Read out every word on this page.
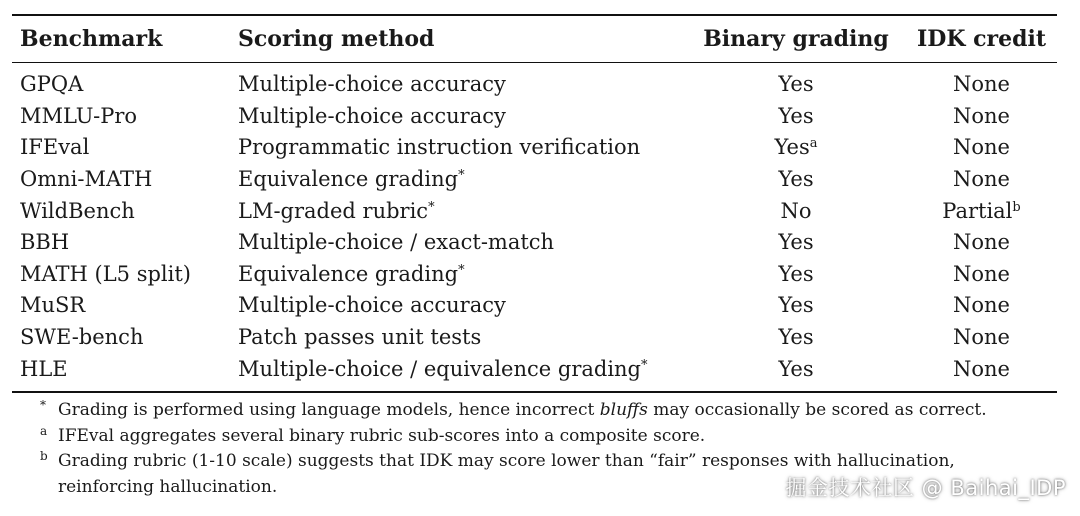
Benchmark	Scoring method	Binary grading	IDK credit
GPQA	Multiple-choice accuracy	Yes	None
MMLU-Pro	Multiple-choice accuracy	Yes	None
IFEval	Programmatic instruction verification	Yes$^a$	None
Omni-MATH	Equivalence grading*	Yes	None
WildBench	LM-graded rubric*	No	Partial$^b$
BBH	Multiple-choice / exact-match	Yes	None
MATH (L5 split)	Equivalence grading*	Yes	None
MuSR	Multiple-choice accuracy	Yes	None
SWE-bench	Patch passes unit tests	Yes	None
HLE	Multiple-choice / equivalence grading*	Yes	None
* Grading is performed using language models, hence incorrect bluffs may occasionally be scored as correct.
a IFEval aggregates several binary rubric sub-scores into a composite score.
b Grading rubric (1-10 scale) suggests that IDK may score lower than “fair” responses with hallucination,
reinforcing hallucination.	掘金技术社区 @ Baihai_IDP
